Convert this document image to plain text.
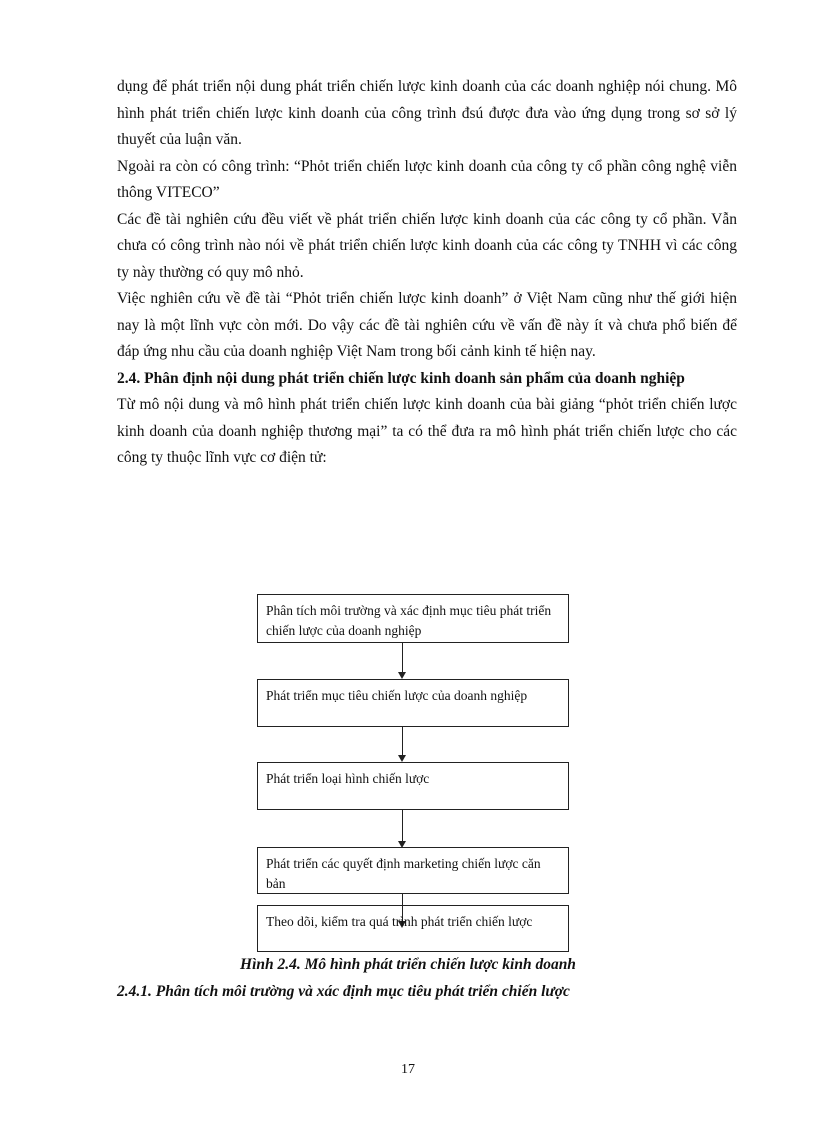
dụng để phát triển nội dung phát triển chiến lược kinh doanh của các doanh nghiệp nói chung. Mô hình phát triển chiến lược kinh doanh của công trình đsú được đưa vào ứng dụng trong sơ sở lý thuyết của luận văn.

Ngoài ra còn có công trình: “Phỏt triển chiến lược kinh doanh của công ty cổ phần công nghệ viễn thông VITECO”

Các đề tài nghiên cứu đều viết về phát triển chiến lược kinh doanh của các công ty cổ phần. Vẫn chưa có công trình nào nói về phát triển chiến lược kinh doanh của các công ty TNHH vì các công ty này thường có quy mô nhỏ.

Việc nghiên cứu về đề tài “Phỏt triển chiến lược kinh doanh” ở Việt Nam cũng như thế giới hiện nay là một lĩnh vực còn mới. Do vậy các đề tài nghiên cứu về vấn đề này ít và chưa phổ biến để đáp ứng nhu cầu của doanh nghiệp Việt Nam trong bối cảnh kinh tế hiện nay.

2.4. Phân định nội dung phát triển chiến lược kinh doanh sản phẩm của doanh nghiệp

Từ mô nội dung và mô hình phát triển chiến lược kinh doanh của bài giảng “phỏt triển chiến lược kinh doanh của doanh nghiệp thương mại” ta có thể đưa ra mô hình phát triển chiến lược cho các công ty thuộc lĩnh vực cơ điện tử:

Phân tích môi trường và xác định mục tiêu phát triển chiến lược của doanh nghiệp
Phát triển mục tiêu chiến lược của doanh nghiệp
Phát triển loại hình chiến lược
Phát triển các quyết định marketing chiến lược căn bản
Theo dõi, kiểm tra quá trình phát triển chiến lược
Hình 2.4. Mô hình phát triển chiến lược kinh doanh
2.4.1. Phân tích môi trường và xác định mục tiêu phát triển chiến lược
17
